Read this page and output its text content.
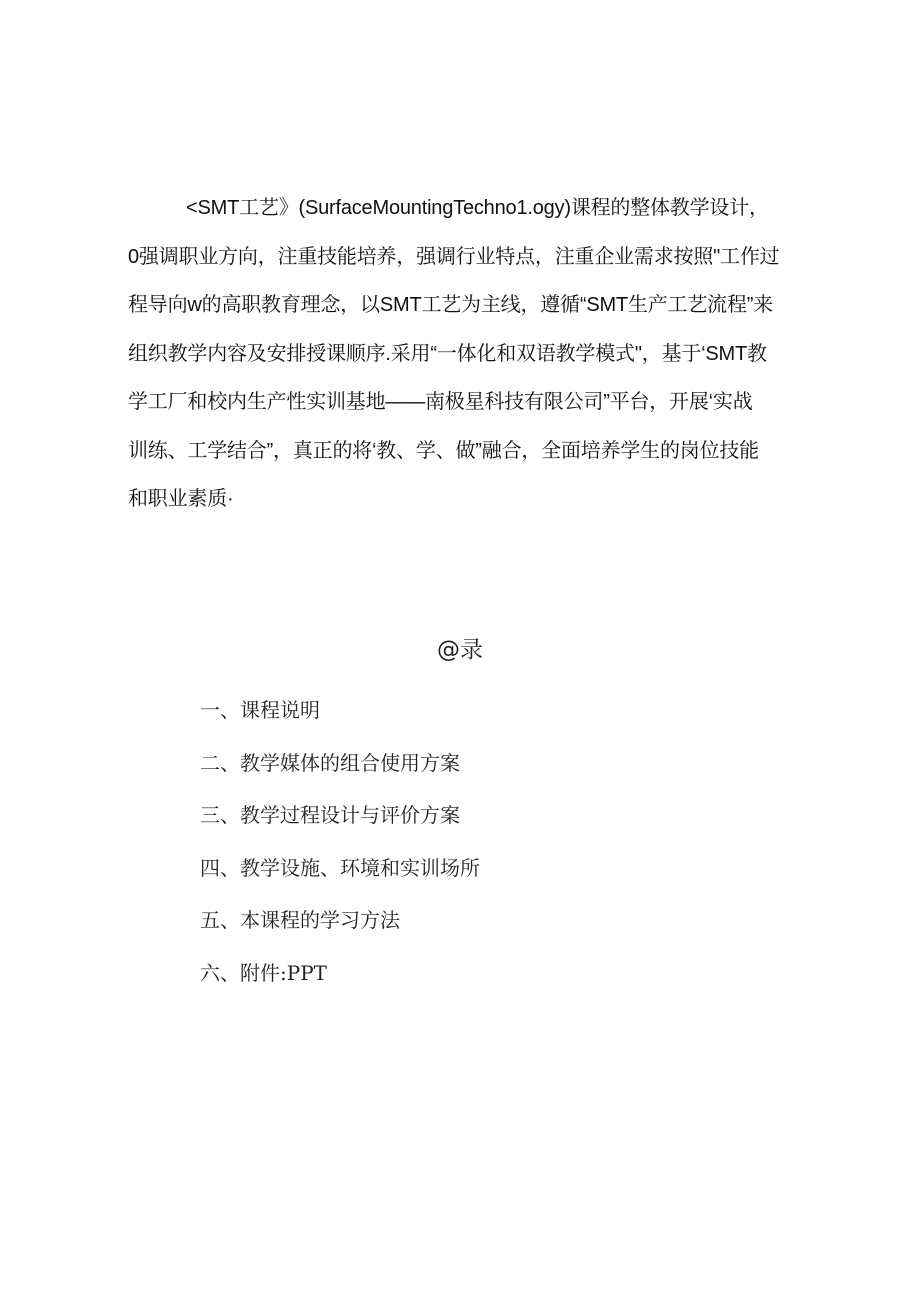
<SMT工艺》(SurfaceMountingTechno1.ogy)课程的整体教学设计，
0强调职业方向，注重技能培养，强调行业特点，注重企业需求按照"工作过
程导向w的高职教育理念，以SMT工艺为主线，遵循“SMT生产工艺流程”来
组织教学内容及安排授课顺序.采用“一体化和双语教学模式"，基于‘SMT教
学工厂和校内生产性实训基地——南极星科技有限公司”平台，开展‘实战
训练、工学结合”，真正的将‘教、学、做”融合，全面培养学生的岗位技能
和职业素质·
@录
一、课程说明
二、教学媒体的组合使用方案
三、教学过程设计与评价方案
四、教学设施、环境和实训场所
五、本课程的学习方法
六、附件:PPT
